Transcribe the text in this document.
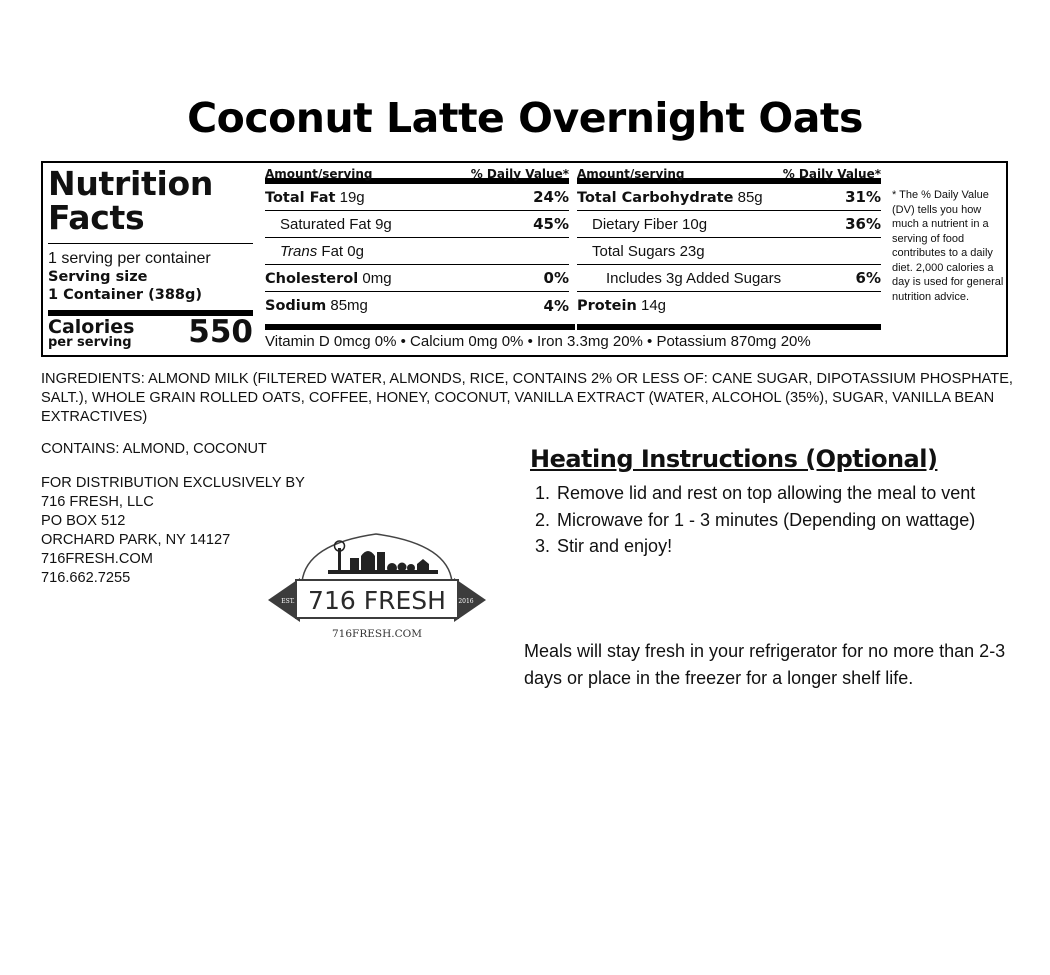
Coconut Latte Overnight Oats
Nutrition
Facts
1 serving per container
Serving size
1 Container (388g)
Calories
per serving	550
Amount/serving	% Daily Value*
Total Fat 19g	24%
Saturated Fat 9g	45%
Trans Fat 0g
Cholesterol 0mg	0%
Sodium 85mg	4%
Amount/serving	% Daily Value*
Total Carbohydrate 85g	31%
Dietary Fiber 10g	36%
Total Sugars 23g
Includes 3g Added Sugars	6%
Protein 14g
Vitamin D 0mcg 0% • Calcium 0mg 0% • Iron 3.3mg 20% • Potassium 870mg 20%
* The % Daily Value (DV) tells you how much a nutrient in a serving of food contributes to a daily diet. 2,000 calories a day is used for general nutrition advice.
INGREDIENTS: ALMOND MILK (FILTERED WATER, ALMONDS, RICE, CONTAINS 2% OR LESS OF: CANE SUGAR, DIPOTASSIUM PHOSPHATE, SALT.), WHOLE GRAIN ROLLED OATS, COFFEE, HONEY, COCONUT, VANILLA EXTRACT (WATER, ALCOHOL (35%), SUGAR, VANILLA BEAN EXTRACTIVES)
CONTAINS: ALMOND, COCONUT
FOR DISTRIBUTION EXCLUSIVELY BY
716 FRESH, LLC
PO BOX 512
ORCHARD PARK, NY 14127
716FRESH.COM
716.662.7255
EST.	2016
716 FRESH
716FRESH.COM
Heating Instructions (Optional)
1. Remove lid and rest on top allowing the meal to vent
2. Microwave for 1 - 3 minutes (Depending on wattage)
3. Stir and enjoy!
Meals will stay fresh in your refrigerator for no more than 2-3 days or place in the freezer for a longer shelf life.
